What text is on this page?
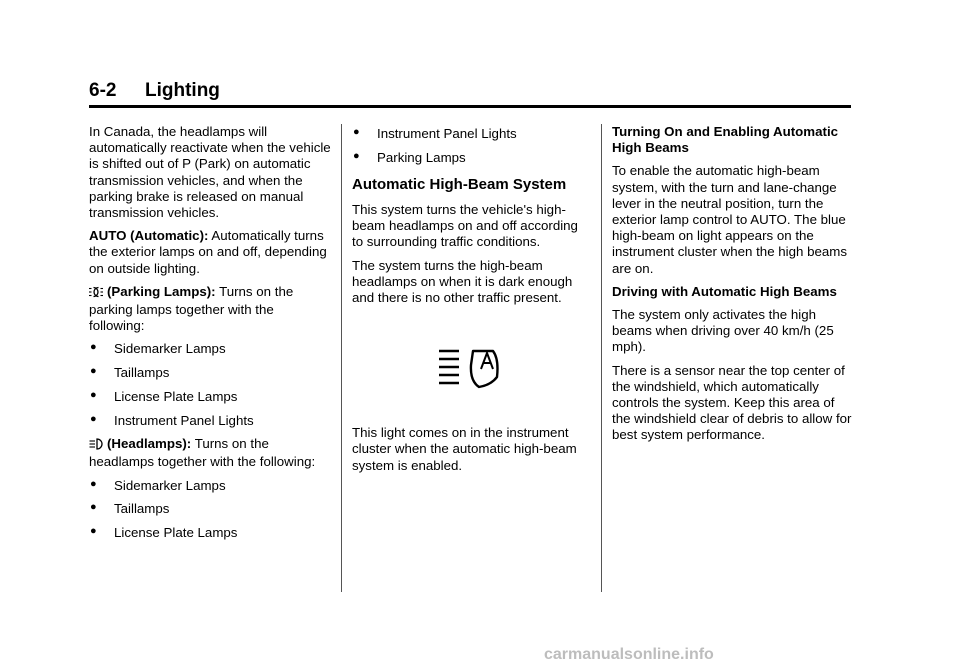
6-2 Lighting

In Canada, the headlamps will automatically reactivate when the vehicle is shifted out of P (Park) on automatic transmission vehicles, and when the parking brake is released on manual transmission vehicles.

AUTO (Automatic): Automatically turns the exterior lamps on and off, depending on outside lighting.

(Parking Lamps): Turns on the parking lamps together with the following:

● Sidemarker Lamps
● Taillamps
● License Plate Lamps
● Instrument Panel Lights

(Headlamps): Turns on the headlamps together with the following:

● Sidemarker Lamps
● Taillamps
● License Plate Lamps
● Instrument Panel Lights
● Parking Lamps
Automatic High-Beam System

This system turns the vehicle's high-beam headlamps on and off according to surrounding traffic conditions.

The system turns the high-beam headlamps on when it is dark enough and there is no other traffic present.

This light comes on in the instrument cluster when the automatic high-beam system is enabled.

Turning On and Enabling Automatic High Beams

To enable the automatic high-beam system, with the turn and lane-change lever in the neutral position, turn the exterior lamp control to AUTO. The blue high-beam on light appears on the instrument cluster when the high beams are on.

Driving with Automatic High Beams

The system only activates the high beams when driving over 40 km/h (25 mph).

There is a sensor near the top center of the windshield, which automatically controls the system. Keep this area of the windshield clear of debris to allow for best system performance.

carmanualsonline.info
